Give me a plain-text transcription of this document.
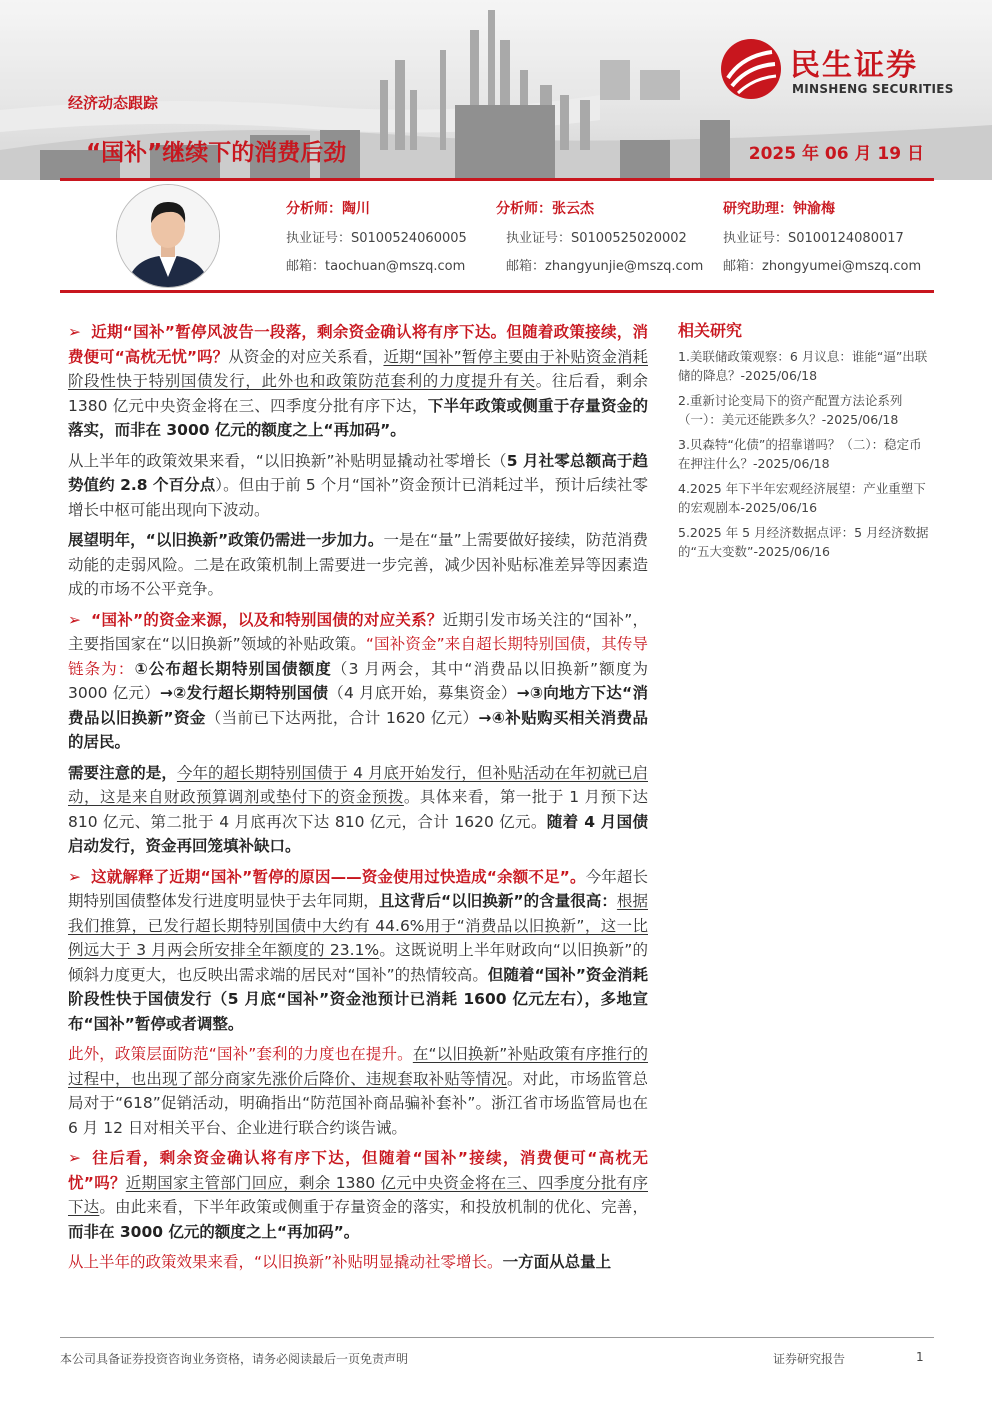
民生证券
MINSHENG SECURITIES
经济动态跟踪
“国补”继续下的消费后劲	2025 年 06 月 19 日
分析师：陶川
执业证号：S0100524060005
邮箱：taochuan@mszq.com
分析师：张云杰
执业证号：S0100525020002
邮箱：zhangyunjie@mszq.com
研究助理：钟渝梅
执业证号：S0100124080017
邮箱：zhongyumei@mszq.com

➢ 近期“国补”暂停风波告一段落，剩余资金确认将有序下达。但随着政策接续，消费便可“高枕无忧”吗？从资金的对应关系看，近期“国补”暂停主要由于补贴资金消耗阶段性快于特别国债发行，此外也和政策防范套利的力度提升有关。往后看，剩余 1380 亿元中央资金将在三、四季度分批有序下达，下半年政策或侧重于存量资金的落实，而非在 3000 亿元的额度之上“再加码”。

从上半年的政策效果来看，“以旧换新”补贴明显撬动社零增长（5 月社零总额高于趋势值约 2.8 个百分点）。但由于前 5 个月“国补”资金预计已消耗过半，预计后续社零增长中枢可能出现向下波动。

展望明年，“以旧换新”政策仍需进一步加力。一是在“量”上需要做好接续，防范消费动能的走弱风险。二是在政策机制上需要进一步完善，减少因补贴标准差异等因素造成的市场不公平竞争。

➢ “国补”的资金来源，以及和特别国债的对应关系？近期引发市场关注的“国补”，主要指国家在“以旧换新”领域的补贴政策。“国补资金”来自超长期特别国债，其传导链条为：①公布超长期特别国债额度（3 月两会，其中“消费品以旧换新”额度为 3000 亿元）→②发行超长期特别国债（4 月底开始，募集资金）→③向地方下达“消费品以旧换新”资金（当前已下达两批，合计 1620 亿元）→④补贴购买相关消费品的居民。

需要注意的是，今年的超长期特别国债于 4 月底开始发行，但补贴活动在年初就已启动，这是来自财政预算调剂或垫付下的资金预拨。具体来看，第一批于 1 月预下达 810 亿元、第二批于 4 月底再次下达 810 亿元，合计 1620 亿元。随着 4 月国债启动发行，资金再回笼填补缺口。

➢ 这就解释了近期“国补”暂停的原因——资金使用过快造成“余额不足”。今年超长期特别国债整体发行进度明显快于去年同期，且这背后“以旧换新”的含量很高：根据我们推算，已发行超长期特别国债中大约有 44.6%用于“消费品以旧换新”，这一比例远大于 3 月两会所安排全年额度的 23.1%。这既说明上半年财政向“以旧换新”的倾斜力度更大，也反映出需求端的居民对“国补”的热情较高。但随着“国补”资金消耗阶段性快于国债发行（5 月底“国补”资金池预计已消耗 1600 亿元左右），多地宣布“国补”暂停或者调整。

此外，政策层面防范“国补”套利的力度也在提升。在“以旧换新”补贴政策有序推行的过程中，也出现了部分商家先涨价后降价、违规套取补贴等情况。对此，市场监管总局对于“618”促销活动，明确指出“防范国补商品骗补套补”。浙江省市场监管局也在 6 月 12 日对相关平台、企业进行联合约谈告诫。

➢ 往后看，剩余资金确认将有序下达，但随着“国补”接续，消费便可“高枕无忧”吗？近期国家主管部门回应，剩余 1380 亿元中央资金将在三、四季度分批有序下达。由此来看，下半年政策或侧重于存量资金的落实，和投放机制的优化、完善，而非在 3000 亿元的额度之上“再加码”。

从上半年的政策效果来看，“以旧换新”补贴明显撬动社零增长。一方面从总量上

相关研究
1.美联储政策观察：6 月议息：谁能“逼”出联储的降息？-2025/06/18
2.重新讨论变局下的资产配置方法论系列（一）：美元还能跌多久？-2025/06/18
3.贝森特“化债”的招靠谱吗？（二）：稳定币在押注什么？-2025/06/18
4.2025 年下半年宏观经济展望：产业重塑下的宏观剧本-2025/06/16
5.2025 年 5 月经济数据点评：5 月经济数据的“五大变数”-2025/06/16
本公司具备证券投资咨询业务资格，请务必阅读最后一页免责声明	证券研究报告	1
